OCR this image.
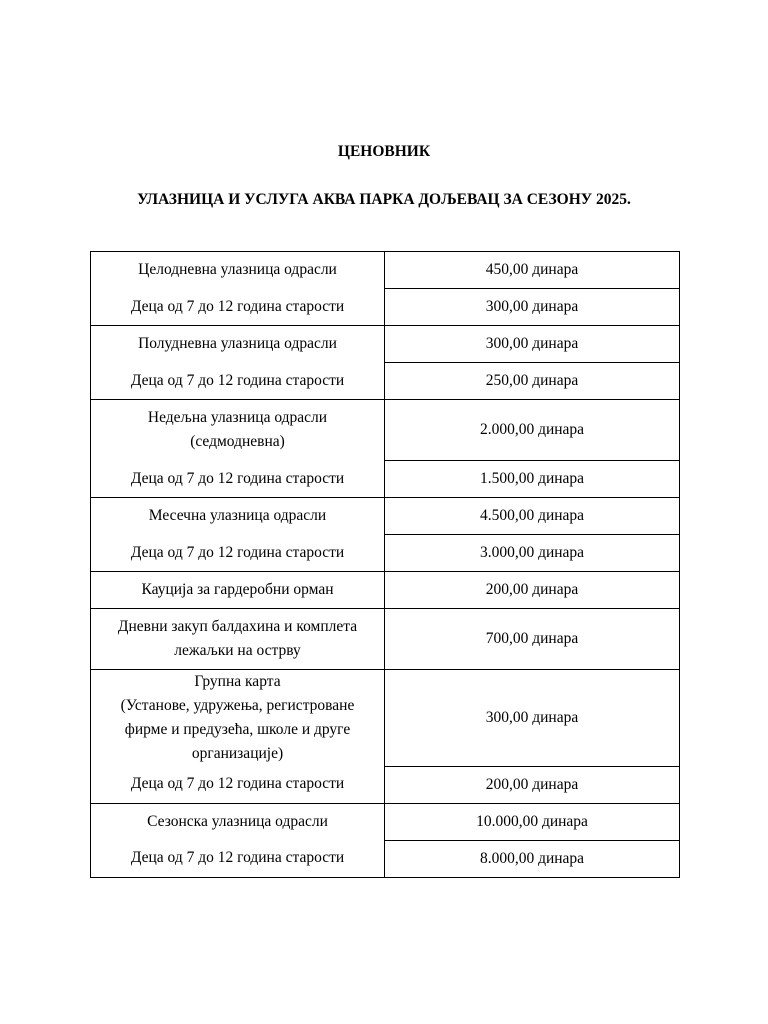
ЦЕНОВНИК

УЛАЗНИЦА И УСЛУГА АКВА ПАРКА ДОЉЕВАЦ ЗА СЕЗОНУ 2025.

Целодневна улазница одрасли	450,00 динара

Деца од 7 до 12 година старости	300,00 динара

Полудневна улазница одрасли	300,00 динара

Деца од 7 до 12 година старости	250,00 динара

Недељна улазница одрасли
(седмодневна)	2.000,00 динара

Деца од 7 до 12 година старости	1.500,00 динара

Месечна улазница одрасли	4.500,00 динара

Деца од 7 до 12 година старости	3.000,00 динара

Кауција за гардеробни орман	200,00 динара

Дневни закуп балдахина и комплета
лежаљки на острву	700,00 динара

Групна карта
(Установе, удружења, регистроване
фирме и предузећа, школе и друге
организације)	300,00 динара

Деца од 7 до 12 година старости	200,00 динара

Сезонска улазница одрасли	10.000,00 динара

Деца од 7 до 12 година старости	8.000,00 динара
